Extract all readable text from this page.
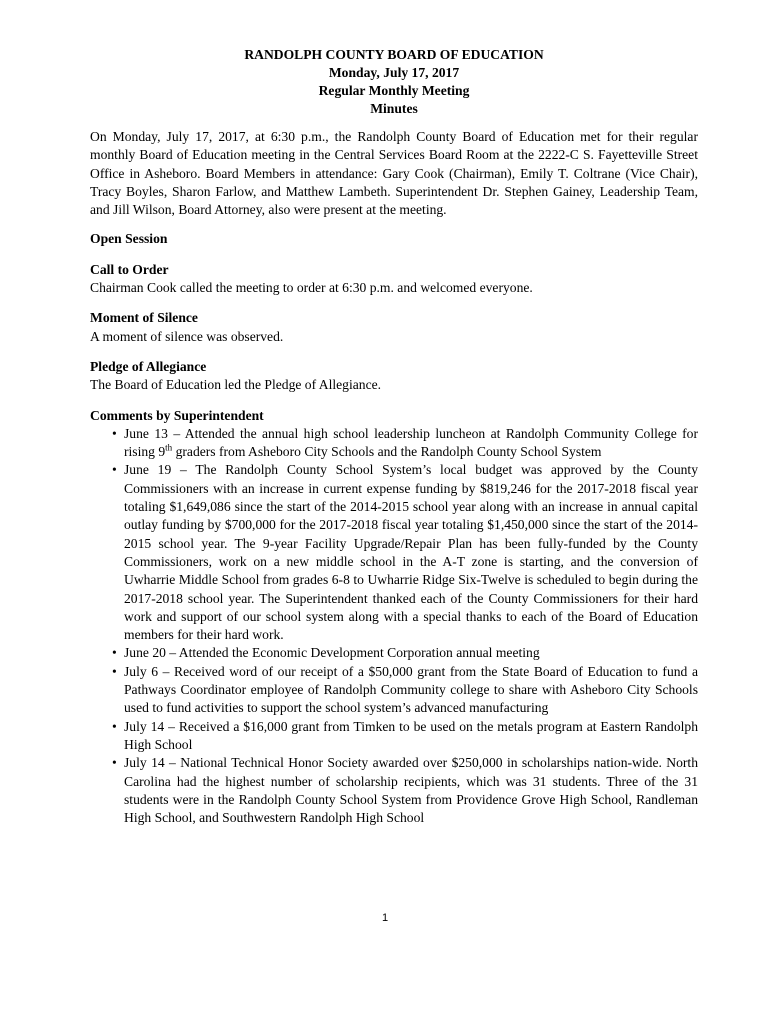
RANDOLPH COUNTY BOARD OF EDUCATION
Monday, July 17, 2017
Regular Monthly Meeting
Minutes

On Monday, July 17, 2017, at 6:30 p.m., the Randolph County Board of Education met for their regular monthly Board of Education meeting in the Central Services Board Room at the 2222-C S. Fayetteville Street Office in Asheboro. Board Members in attendance: Gary Cook (Chairman), Emily T. Coltrane (Vice Chair), Tracy Boyles, Sharon Farlow, and Matthew Lambeth. Superintendent Dr. Stephen Gainey, Leadership Team, and Jill Wilson, Board Attorney, also were present at the meeting.

Open Session
Call to Order

Chairman Cook called the meeting to order at 6:30 p.m. and welcomed everyone.

Moment of Silence

A moment of silence was observed.

Pledge of Allegiance

The Board of Education led the Pledge of Allegiance.

Comments by Superintendent
• June 13 – Attended the annual high school leadership luncheon at Randolph Community College for rising 9th graders from Asheboro City Schools and the Randolph County School System
• June 19 – The Randolph County School System’s local budget was approved by the County Commissioners with an increase in current expense funding by $819,246 for the 2017-2018 fiscal year totaling $1,649,086 since the start of the 2014-2015 school year along with an increase in annual capital outlay funding by $700,000 for the 2017-2018 fiscal year totaling $1,450,000 since the start of the 2014-2015 school year. The 9-year Facility Upgrade/Repair Plan has been fully-funded by the County Commissioners, work on a new middle school in the A-T zone is starting, and the conversion of Uwharrie Middle School from grades 6-8 to Uwharrie Ridge Six-Twelve is scheduled to begin during the 2017-2018 school year. The Superintendent thanked each of the County Commissioners for their hard work and support of our school system along with a special thanks to each of the Board of Education members for their hard work.
• June 20 – Attended the Economic Development Corporation annual meeting
• July 6 – Received word of our receipt of a $50,000 grant from the State Board of Education to fund a Pathways Coordinator employee of Randolph Community college to share with Asheboro City Schools used to fund activities to support the school system’s advanced manufacturing
• July 14 – Received a $16,000 grant from Timken to be used on the metals program at Eastern Randolph High School
• July 14 – National Technical Honor Society awarded over $250,000 in scholarships nation-wide. North Carolina had the highest number of scholarship recipients, which was 31 students. Three of the 31 students were in the Randolph County School System from Providence Grove High School, Randleman High School, and Southwestern Randolph High School
1
